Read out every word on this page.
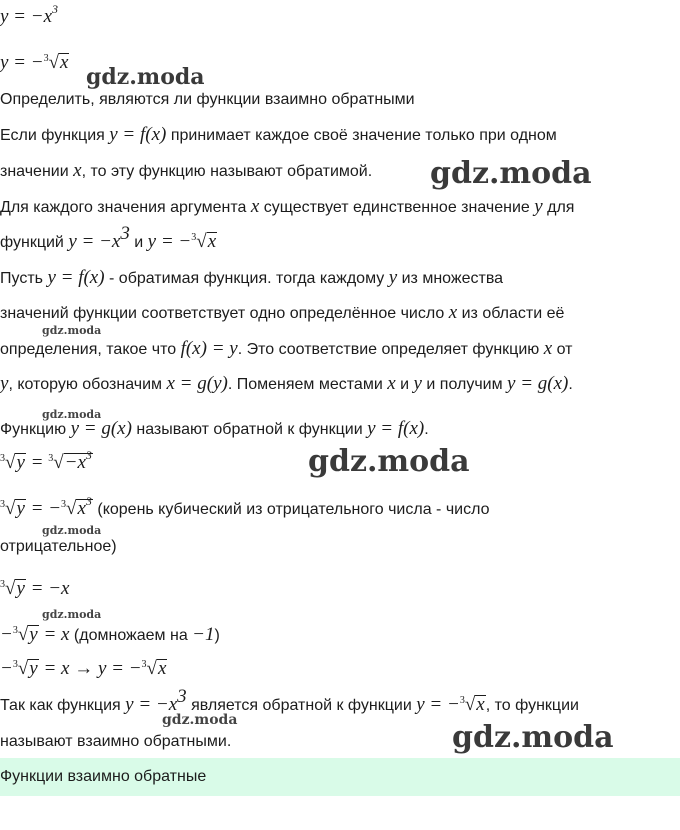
$y = -x^3$
y = −$^3$√ x
gdz.moda
Определить, являются ли функции взаимно обратными
Если функция y = f(x) принимает каждое своё значение только при одном
значении x, то эту функцию называют обратимой. gdz.moda
Для каждого значения аргумента x существует единственное значение y для
функций $y = -x^3$ и y = −$^3$√ x
Пусть y = f(x) - обратимая функция. тогда каждому y из множества
значений функции соответствует одно определённое число x из области её
gdz.moda
определения, такое что f(x) = y. Это соответствие определяет функцию x от
y, которую обозначим x = g(y). Поменяем местами x и y и получим y = g(x).
gdz.moda
Функцию y = g(x) называют обратной к функции y = f(x).
$^3$√ $y = ^3√ -x^3$	gdz.moda
$^3$√ y = −$^3$√ $x^3$ (корень кубический из отрицательного числа - число
gdz.moda
отрицательное)
$^3$√ y = −x
gdz.moda
−$^3$√ y = x (домножаем на −1)
−$^3$√ y = x → y = −$^3$√ x
Так как функция $y = -x^3$ является обратной к функции y = −$^3$√ x, то функции
gdz.moda
называют взаимно обратными.	gdz.moda
Функции взаимно обратные
